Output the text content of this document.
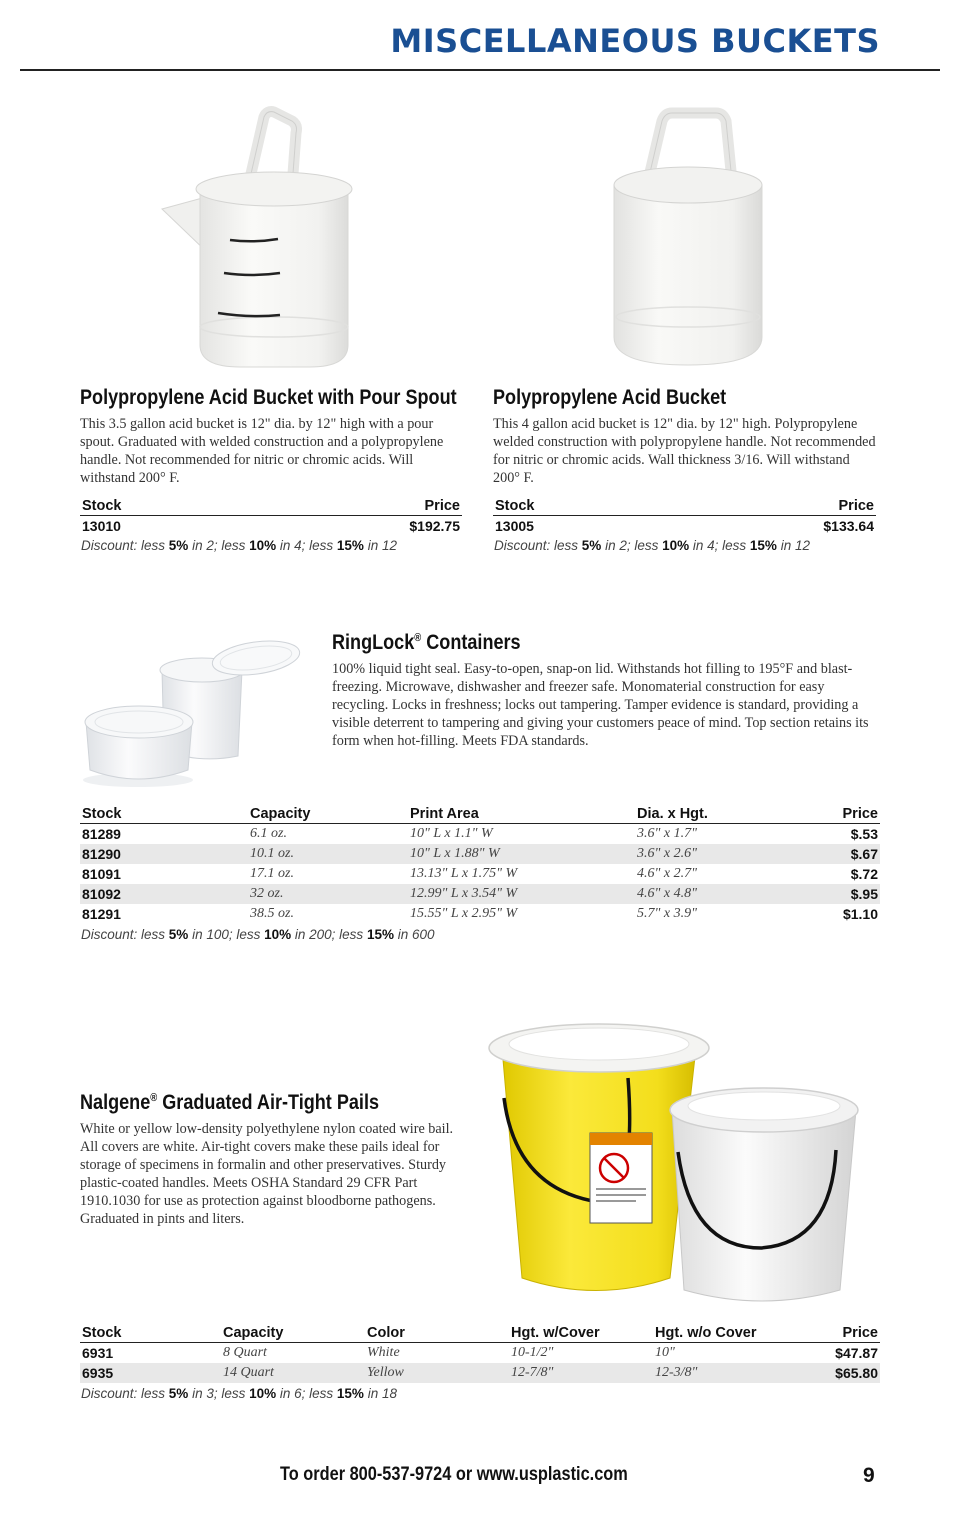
MISCELLANEOUS BUCKETS
Polypropylene Acid Bucket with Pour Spout
This 3.5 gallon acid bucket is 12" dia. by 12" high with a pour spout. Graduated with welded construction and a polypropylene handle. Not recommended for nitric or chromic acids. Will withstand 200° F.
Stock	Price
13010	$192.75
Discount: less 5% in 2; less 10% in 4; less 15% in 12
Polypropylene Acid Bucket
This 4 gallon acid bucket is 12" dia. by 12" high. Polypropylene welded construction with polypropylene handle. Not recommended for nitric or chromic acids. Wall thickness 3/16. Will withstand 200° F.
Stock	Price
13005	$133.64
Discount: less 5% in 2; less 10% in 4; less 15% in 12
RingLock® Containers
100% liquid tight seal. Easy-to-open, snap-on lid. Withstands hot filling to 195°F and blast-freezing. Microwave, dishwasher and freezer safe. Monomaterial construction for easy recycling. Locks in freshness; locks out tampering. Tamper evidence is standard, providing a visible deterrent to tampering and giving your customers peace of mind. Top section retains its form when hot-filling. Meets FDA standards.
Stock	Capacity	Print Area	Dia. x Hgt.	Price
81289	6.1 oz.	10" L x 1.1" W	3.6" x 1.7"	$.53
81290	10.1 oz.	10" L x 1.88" W	3.6" x 2.6"	$.67
81091	17.1 oz.	13.13" L x 1.75" W	4.6" x 2.7"	$.72
81092	32 oz.	12.99" L x 3.54" W	4.6" x 4.8"	$.95
81291	38.5 oz.	15.55" L x 2.95" W	5.7" x 3.9"	$1.10
Discount: less 5% in 100; less 10% in 200; less 15% in 600
Nalgene® Graduated Air-Tight Pails
White or yellow low-density polyethylene nylon coated wire bail. All covers are white. Air-tight covers make these pails ideal for storage of specimens in formalin and other preservatives. Sturdy plastic-coated handles. Meets OSHA Standard 29 CFR Part 1910.1030 for use as protection against bloodborne pathogens. Graduated in pints and liters.
Stock	Capacity	Color	Hgt. w/Cover	Hgt. w/o Cover	Price
6931	8 Quart	White	10-1/2"	10"	$47.87
6935	14 Quart	Yellow	12-7/8"	12-3/8"	$65.80
Discount: less 5% in 3; less 10% in 6; less 15% in 18
To order 800-537-9724 or www.usplastic.com	9
